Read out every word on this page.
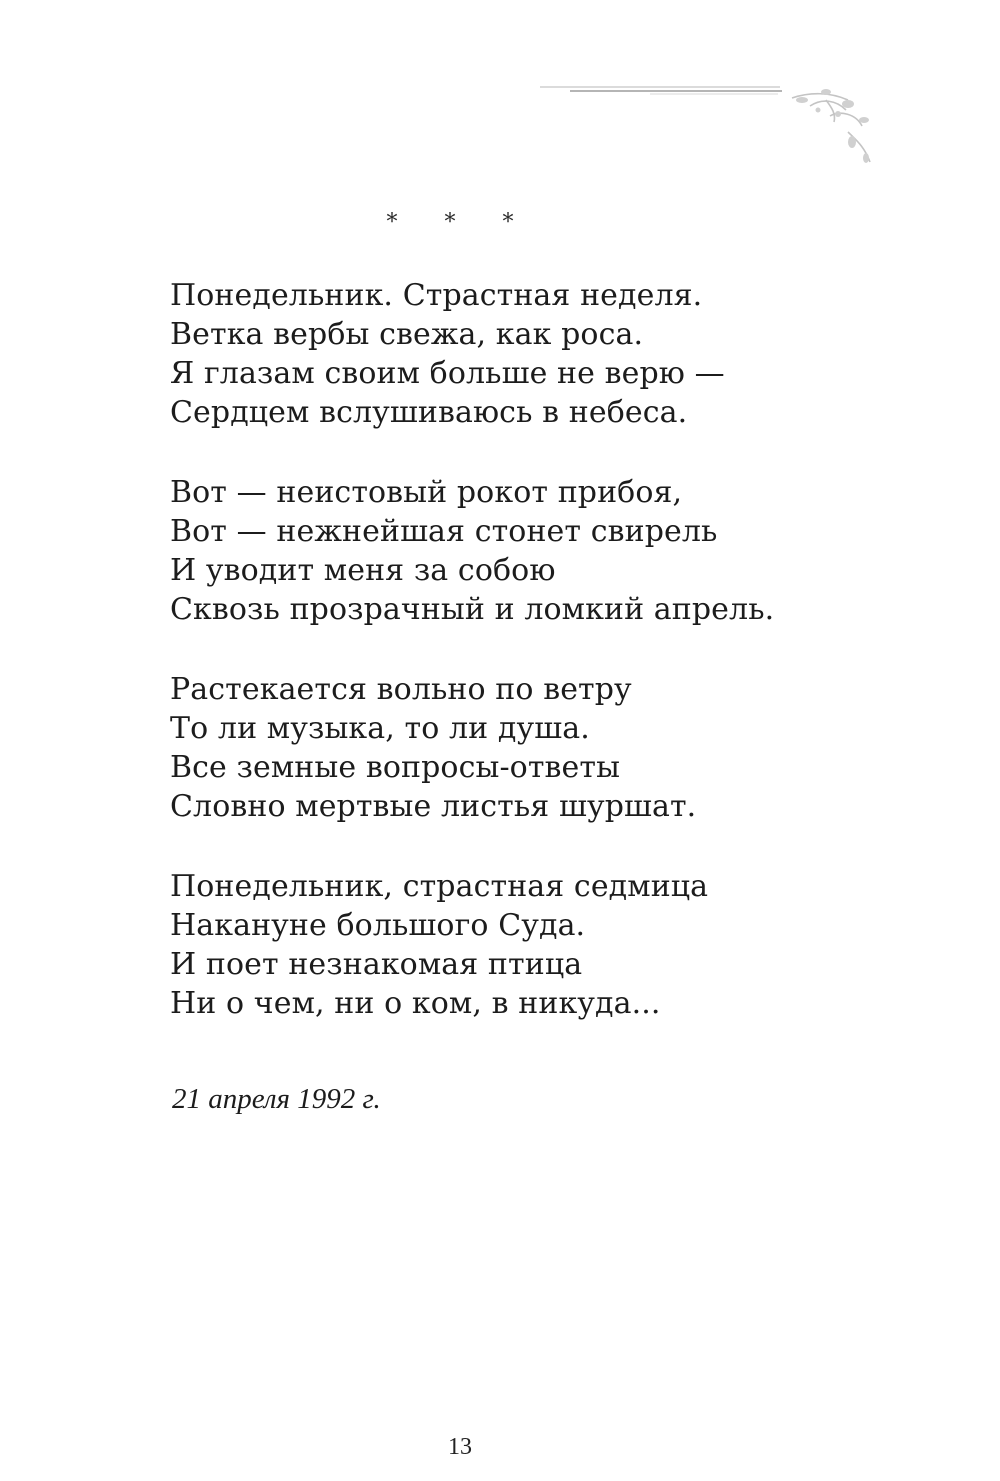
* * *
Понедельник. Страстная неделя.
Ветка вербы свежа, как роса.
Я глазам своим больше не верю —
Сердцем вслушиваюсь в небеса.
Вот — неистовый рокот прибоя,
Вот — нежнейшая стонет свирель
И уводит меня за собою
Сквозь прозрачный и ломкий апрель.
Растекается вольно по ветру
То ли музыка, то ли душа.
Все земные вопросы-ответы
Словно мертвые листья шуршат.
Понедельник, страстная седмица
Накануне большого Суда.
И поет незнакомая птица
Ни о чем, ни о ком, в никуда...
21 апреля 1992 г.
13
